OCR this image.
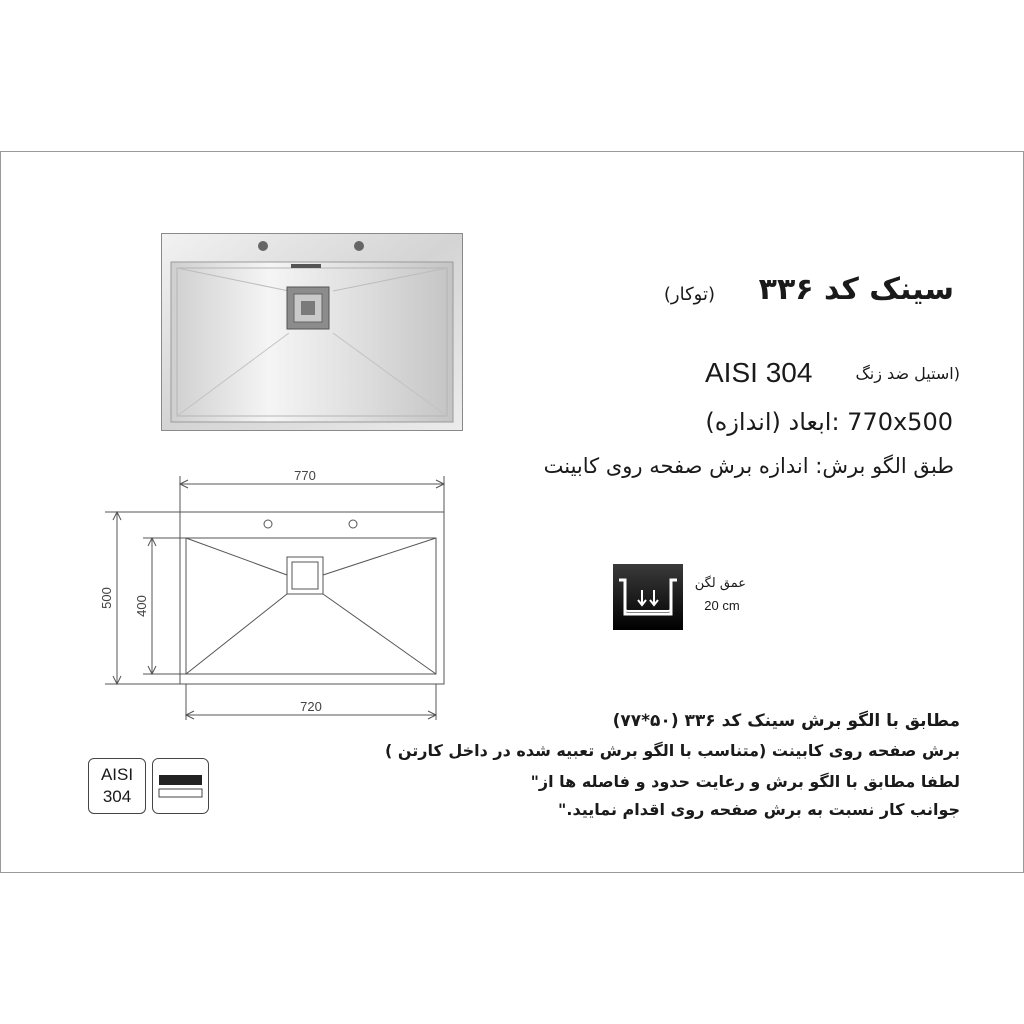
سینک کد ۳۳۶
(توکار)
AISI 304	(استیل ضد زنگ
770x500 :ابعاد (اندازه)
طبق الگو برش: اندازه برش صفحه روی کابینت
770
720
500 400
عمق لگن
20 cm
مطابق با الگو برش سینک کد ۳۳۶ (۵۰*۷۷)
برش صفحه روی کابینت (متناسب با الگو برش تعبیه شده در داخل کارتن )
لطفا مطابق با الگو برش و رعایت حدود و فاصله ها از"
جوانب کار نسبت به برش صفحه روی اقدام نمایید."
AISI
304
